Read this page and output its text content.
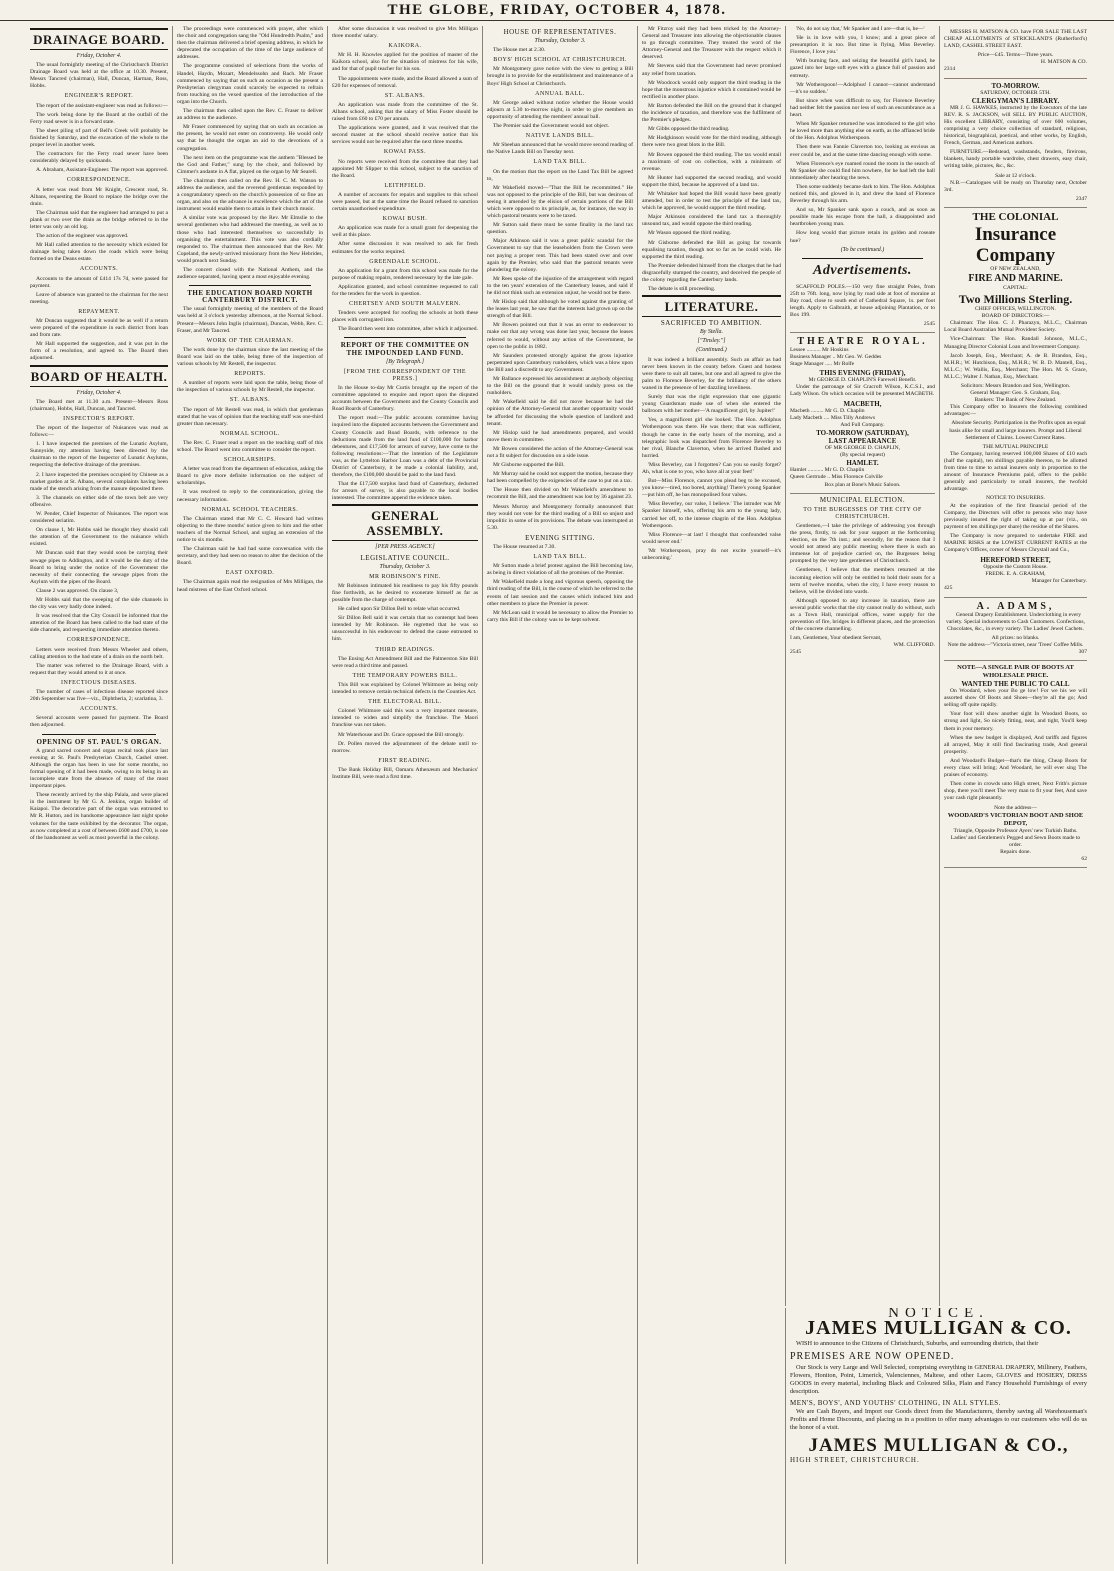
THE GLOBE, FRIDAY, OCTOBER 4, 1878.
DRAINAGE BOARD.
Friday, October 4.

The usual fortnightly meeting of the Christchurch District Drainage Board was held at the office at 10.30. Present, Messrs Tancred (chairman), Hall, Duncan, Harman, Ross, Hobbs.

ENGINEER'S REPORT.

The report of the assistant-engineer was read as follows:—

The work being done by the Board at the outfall of the Ferry road sewer is in a forward state.

The sheet piling of part of Bell's Creek will probably be finished by Saturday, and the excavation of the whole to the proper level in another week.

The contractors for the Ferry road sewer have been considerably delayed by quicksands.

A. Abraham, Assistant-Engineer. The report was approved.

CORRESPONDENCE.

A letter was read from Mr Knight, Crescent road, St. Albans, requesting the Board to replace the bridge over the drain.

The Chairman said that the engineer had arranged to put a plank or two over the drain as the bridge referred to in the letter was only an old log.

The action of the engineer was approved.

Mr Hall called attention to the necessity which existed for drainage being taken down the roads which were being formed on the Deans estate.

ACCOUNTS.

Accounts to the amount of £414 17s 7d, were passed for payment.

Leave of absence was granted to the chairman for the next meeting.

REPAYMENT.

Mr Duncan suggested that it would be as well if a return were prepared of the expenditure in each district from loan and from rate.

Mr Hall supported the suggestion, and it was put in the form of a resolution, and agreed to. The Board then adjourned.

BOARD OF HEALTH.
Friday, October 4.

The Board met at 11.30 a.m. Present—Messrs Ross (chairman), Hobbs, Hall, Duncan, and Tancred.

INSPECTOR'S REPORT.

The report of the Inspector of Nuisances was read as follows:—

1. I have inspected the premises of the Lunatic Asylum, Sunnyside, my attention having been directed by the chairman to the report of the Inspector of Lunatic Asylums, respecting the defective drainage of the premises.

2. I have inspected the premises occupied by Chinese as a market garden at St. Albans, several complaints having been made of the stench arising from the manure deposited there.

3. The channels on either side of the town belt are very offensive.

W. Pender, Chief Inspector of Nuisances. The report was considered seriatim.

On clause 1, Mr Hobbs said he thought they should call the attention of the Government to the nuisance which existed.

Mr Duncan said that they would soon be carrying their sewage pipes to Addington, and it would be the duty of the Board to bring under the notice of the Government the necessity of their connecting the sewage pipes from the Asylum with the pipes of the Board.

Clause 2 was approved. On clause 3,

Mr Hobbs said that the sweeping of the side channels in the city was very badly done indeed.

It was resolved that the City Council be informed that the attention of the Board has been called to the bad state of the side channels, and requesting immediate attention thereto.

CORRESPONDENCE.

Letters were received from Messrs Wheeler and others, calling attention to the bad state of a drain on the north belt.

The matter was referred to the Drainage Board, with a request that they would attend to it at once.

INFECTIOUS DISEASES.

The number of cases of infectious disease reported since 20th September was five—viz., Diphtheria, 2; scarlatina, 3.

ACCOUNTS.

Several accounts were passed for payment. The Board then adjourned.

OPENING OF ST. PAUL'S ORGAN.

A grand sacred concert and organ recital took place last evening at St. Paul's Presbyterian Church, Cashel street. Although the organ has been in use for some months, no formal opening of it had been made, owing to its being in an incomplete state from the absence of many of the most important pipes.

These recently arrived by the ship Palala, and were placed in the instrument by Mr G. A. Jenkins, organ builder of Kaiapoi. The decorative part of the organ was entrusted to Mr R. Hutton, and its handsome appearance last night spoke volumes for the taste exhibited by the decorator. The organ, as now completed at a cost of between £600 and £700, is one of the handsomest as well as most powerful in the colony.

The proceedings were commenced with prayer, after which the choir and congregation sang the "Old Hundredth Psalm," and then the chairman delivered a brief opening address, in which he deprecated the occupation of the time of the large audience of addresses.

The programme consisted of selections from the works of Handel, Haydn, Mozart, Mendelssohn and Bach. Mr Fraser commenced by saying that on such an occasion as the present a Presbyterian clergyman could scarcely be expected to refrain from touching on the vexed question of the introduction of the organ into the Church.

The chairman then called upon the Rev. C. Fraser to deliver an address to the audience.

Mr Fraser commenced by saying that on such an occasion as the present, he would not enter on controversy. He would only say that he thought the organ an aid to the devotions of a congregation.

The next item on the programme was the anthem "Blessed be the God and Father," sung by the choir, and followed by Cimmer's andante in A flat, played on the organ by Mr Searell.

The chairman then called on the Rev. H. C. M. Watson to address the audience, and the reverend gentleman responded by a congratulatory speech on the church's possession of so fine an organ, and also on the advance in excellence which the art of the instrument would enable them to attain in their church music.

A similar vote was proposed by the Rev. Mr Elmslie to the several gentlemen who had addressed the meeting, as well as to those who had interested themselves so successfully in organising the entertainment. This vote was also cordially responded to. The chairman then announced that the Rev. Mr Copeland, the newly-arrived missionary from the New Hebrides, would preach next Sunday.

The concert closed with the National Anthem, and the audience separated, having spent a most enjoyable evening.

THE EDUCATION BOARD NORTH CANTERBURY DISTRICT.

The usual fortnightly meeting of the members of the Board was held at 3 o'clock yesterday afternoon, at the Normal School. Present—Messrs John Inglis (chairman), Duncan, Webb, Rev. C. Fraser, and Mr Tancred.

WORK OF THE CHAIRMAN.

The work done by the chairman since the last meeting of the Board was laid on the table, being three of the inspection of various schools by Mr Restell, the inspector.

REPORTS.

A number of reports were laid upon the table, being those of the inspection of various schools by Mr Restell, the inspector.

ST. ALBANS.

The report of Mr Restell was read, in which that gentleman stated that he was of opinion that the teaching staff was one-third greater than necessary.

NORMAL SCHOOL.

The Rev. C. Fraser read a report on the teaching staff of this school. The Board went into committee to consider the report.

SCHOLARSHIPS.

A letter was read from the department of education, asking the Board to give more definite information on the subject of scholarships.

It was resolved to reply to the communication, giving the necessary information.

NORMAL SCHOOL TEACHERS.

The Chairman stated that Mr C. C. Howard had written objecting to the three months' notice given to him and the other teachers of the Normal School, and urging an extension of the notice to six months.

The Chairman said he had had some conversation with the secretary, and they had seen no reason to alter the decision of the Board.

EAST OXFORD.

The Chairman again read the resignation of Mrs Milligan, the head mistress of the East Oxford school.

After some discussion it was resolved to give Mrs Milligan three months' salary.

KAIKORA.

Mr H. H. Knowles applied for the position of master of the Kaikora school, also for the situation of mistress for his wife, and for that of pupil teacher for his son.

The appointments were made, and the Board allowed a sum of £20 for expenses of removal.

ST. ALBANS.

An application was made from the committee of the St. Albans school, asking that the salary of Miss Foster should be raised from £60 to £70 per annum.

The applications were granted, and it was resolved that the second master at the school should receive notice that his services would not be required after the next three months.

KOWAI PASS.

No reports were received from the committee that they had appointed Mr Slipper to this school, subject to the sanction of the Board.

LEITHFIELD.

A number of accounts for repairs and supplies to this school were passed, but at the same time the Board refused to sanction certain unauthorised expenditure.

KOWAI BUSH.

An application was made for a small grant for deepening the well at this place.

After some discussion it was resolved to ask for fresh estimates for the works required.

GREENDALE SCHOOL.

An application for a grant from this school was made for the purpose of making repairs, rendered necessary by the late gale.

Application granted, and school committee requested to call for the tenders for the work in question.

CHERTSEY AND SOUTH MALVERN.

Tenders were accepted for roofing the schools at both these places with corrugated iron.

The Board then went into committee, after which it adjourned.

REPORT OF THE COMMITTEE ON THE IMPOUNDED LAND FUND.
[By Telegraph.]
[FROM THE CORRESPONDENT OF THE PRESS.]

In the House to-day Mr Curtis brought up the report of the committee appointed to enquire and report upon the disputed accounts between the Government and the County Councils and Road Boards of Canterbury.

The report read:—The public accounts committee having inquired into the disputed accounts between the Government and County Councils and Road Boards, with reference to the deductions made from the land fund of £100,000 for harbor debentures, and £17,500 for arrears of survey, have come to the following resolutions:—That the intention of the Legislature was, as the Lyttelton Harbor Loan was a debt of the Provincial District of Canterbury, it be made a colonial liability, and, therefore, the £100,000 should be paid to the land fund.

That the £17,500 surplus land fund of Canterbury, deducted for arrears of survey, is also payable to the local bodies interested. The committee append the evidence taken.

GENERAL ASSEMBLY.
[PER PRESS AGENCY.]
LEGISLATIVE COUNCIL.
Thursday, October 3.
MR ROBINSON'S FINE.

Mr Robinson intimated his readiness to pay his fifty pounds fine forthwith, as he desired to exonerate himself as far as possible from the charge of contempt.

He called upon Sir Dillon Bell to relate what occurred.

Sir Dillon Bell said it was certain that no contempt had been intended by Mr Robinson. He regretted that he was so unsuccessful in his endeavour to defend the cause entrusted to him.

THIRD READINGS.

The Ensing Act Amendment Bill and the Palmerston Site Bill were read a third time and passed.

THE TEMPORARY POWERS BILL.

This Bill was explained by Colonel Whitmore as being only intended to remove certain technical defects in the Counties Act.

THE ELECTORAL BILL.

Colonel Whitmore said this was a very important measure, intended to widen and simplify the franchise. The Maori franchise was not taken.

Mr Waterhouse and Dr. Grace opposed the Bill strongly.

Dr. Pollen moved the adjournment of the debate until to-morrow.

FIRST READING.

The Bank Holiday Bill, Oamaru Athenæum and Mechanics' Institute Bill, were read a first time.

HOUSE OF REPRESENTATIVES.
Thursday, October 3.

The House met at 2.30.

BOYS' HIGH SCHOOL AT CHRISTCHURCH.

Mr Montgomery gave notice with the view to getting a Bill brought in to provide for the establishment and maintenance of a Boys' High School at Christchurch.

ANNUAL BALL.

Mr George asked without notice whether the House would adjourn at 5.30 to-morrow night, in order to give members an opportunity of attending the members' annual ball.

The Premier said the Government would not object.

NATIVE LANDS BILL.

Mr Sheehan announced that he would move second reading of the Native Lands Bill on Tuesday next.

LAND TAX BILL.

On the motion that the report on the Land Tax Bill be agreed to,

Mr Wakefield moved—"That the Bill be recommitted." He was not opposed to the principle of the Bill, but was desirous of seeing it amended by the elision of certain portions of the Bill which were opposed to its principle, as, for instance, the way in which pastoral tenants were to be taxed.

Mr Sutton said there must be some finality in the land tax question.

Major Atkinson said it was a great public scandal for the Government to say that the leaseholders from the Crown were not paying a proper rent. This had been stated over and over again by the Premier, who said that the pastoral tenants were plundering the colony.

Mr Rees spoke of the injustice of the arrangement with regard to the ten years' extension of the Canterbury leases, and said if he did not think such an extension unjust, he would not be there.

Mr Hislop said that although he voted against the granting of the leases last year, he saw that the interests had grown up on the strength of that Bill.

Mr Bowen pointed out that it was an error to endeavour to make out that any wrong was done last year, because the leases referred to would, without any action of the Government, be open to the public in 1882.

Mr Saunders protested strongly against the gross injustice perpetrated upon Canterbury runholders, which was a blow upon the Bill and a discredit to any Government.

Mr Ballance expressed his astonishment at anybody objecting to the Bill on the ground that it would unduly press on the runholders.

Mr Wakefield said he did not move because he had the opinion of the Attorney-General that another opportunity would be afforded for discussing the whole question of landlord and tenant.

Mr Hislop said he had amendments prepared, and would move them in committee.

Mr Bowen considered the action of the Attorney-General was not a fit subject for discussion on a side issue.

Mr Gisborne supported the Bill.

Mr Murray said he could not support the motion, because they had been compelled by the exigencies of the case to put on a tax.

The House then divided on Mr Wakefield's amendment to recommit the Bill, and the amendment was lost by 36 against 23.

Messrs Murray and Montgomery formally announced that they would not vote for the third reading of a Bill so unjust and impolitic in some of its provisions. The debate was interrupted at 5.30.

EVENING SITTING.

The House resumed at 7.30.

LAND TAX BILL.

Mr Sutton made a brief protest against the Bill becoming law, as being in direct violation of all the promises of the Premier.

Mr Wakefield made a long and vigorous speech, opposing the third reading of the Bill, in the course of which he referred to the events of last session and the causes which induced him and other members to place the Premier in power.

Mr McLean said it would be necessary to allow the Premier to carry this Bill if the colony was to be kept solvent.

Mr Fitzroy said they had been tricked by the Attorney-General and Treasurer into allowing the objectionable clauses to go through committee. They treated the word of the Attorney-General and the Treasurer with the respect which it deserved.

Mr Stevens said that the Government had never promised any relief from taxation.

Mr Woodcock would only support the third reading in the hope that the monstrous injustice which it contained would be rectified in another place.

Mr Barton defended the Bill on the ground that it changed the incidence of taxation, and therefore was the fulfilment of the Premier's pledges.

Mr Gibbs opposed the third reading.

Mr Hodgkinson would vote for the third reading, although there were two great blots in the Bill.

Mr Bowen opposed the third reading. The tax would entail a maximum of cost on collection, with a minimum of revenue.

Mr Hunter had supported the second reading, and would support the third, because he approved of a land tax.

Mr Whitaker had hoped the Bill would have been greatly amended, but in order to test the principle of the land tax, which he approved, he would support the third reading.

Major Atkinson considered the land tax a thoroughly unsound tax, and would oppose the third reading.

Mr Wason opposed the third reading.

Mr Gisborne defended the Bill as going far towards equalising taxation, though not so far as he could wish. He supported the third reading.

The Premier defended himself from the charges that he had disgracefully stumped the country, and deceived the people of the colony regarding the Canterbury lands.

The debate is still proceeding.

LITERATURE.
SACRIFICED TO AMBITION.
By Stella.
["Tinsley."]
(Continued.)

It was indeed a brilliant assembly. Such an affair as had never been known in the county before. Guest and hostess were there to suit all tastes, but one and all agreed to give the palm to Florence Beverley, for the brilliancy of the others waned in the presence of her dazzling loveliness.

Surely that was the right expression that one gigantic young Guardsman made use of when she entered the ballroom with her mother—'A magnificent girl, by Jupiter!'

Yes, a magnificent girl she looked. The Hon. Adolphus Wotherspoon was there. He was there; that was sufficient, though he came in the early hours of the morning, and a telegraphic look was dispatched from Florence Beverley to her rival, Blanche Claverton, when he arrived flushed and hurried.

'Miss Beverley, can I forgotten? Can you so easily forget? Ah, what is one to you, who have all at your feet!'

But—Miss Florence, cannot you plead beg to be excused, you know—tired, too bored, anything! There's young Spanker—put him off, he has monopolised four valses.

'Miss Beverley, our valse, I believe.' The intruder was Mr Spanker himself, who, offering his arm to the young lady, carried her off, to the intense chagrin of the Hon. Adolphus Wotherspoon.

'Miss Florence—at last! I thought that confounded valse would never end.'

'Mr Wotherspoon, pray do not excite yourself—it's unbecoming.'

'No, do not say that,' Mr Spanker and I are—that is, he—'

'He is in love with you, I know; and a great piece of presumption it is too. But time is flying, Miss Beverley. Florence, I love you.'

With burning face, and seizing the beautiful girl's hand, he gazed into her large soft eyes with a glance full of passion and entreaty.

'Mr Wotherspoon!—Adolphus! I cannot—cannot understand—it's so sudden.'

But since when was difficult to say, for Florence Beverley had neither felt the passion nor less of such an encumbrance as a heart.

When Mr Spanker returned he was introduced to the girl who he loved more than anything else on earth, as the affianced bride of the Hon. Adolphus Wotherspoon.

Then there was Fannie Claverton too, looking as envious as ever could be, and at the same time dancing enough with some.

When Florence's eye roamed round the room in the search of Mr Spanker she could find him nowhere, for he had left the ball immediately after hearing the news.

Then some suddenly became dark to him. The Hon. Adolphus noticed this, and glowed in it, and drew the hand of Florence Beverley through his arm.

And so, Mr Spanker sank upon a couch, and as soon as possible made his escape from the hall, a disappointed and heartbroken young man.

How long would that picture retain its golden and roseate hue?

(To be continued.)
Advertisements.

SCAFFOLD POLES.—150 very fine straight Poles, from 25ft to 76ft. long, now lying by road side at foot of moraine at Bay road, close to south end of Cathedral Square, 1s. per foot length. Apply to Galbraith, at house adjoining Plantation, or to Box 199.

2545
THEATRE ROYAL.
Lessee .......... Mr Hoskins
Business Manager .. Mr Geo. W. Geddes
Stage Manager ..... Mr Rolfe
THIS EVENING (FRIDAY),
Mr GEORGE D. CHAPLIN'S Farewell Benefit.

Under the patronage of Sir Cracroft Wilson, K.C.S.I., and Lady Wilson. On which occasion will be presented MACBETH.

MACBETH,
Macbeth ......... Mr G. D. Chaplin
Lady Macbeth .... Miss Tilly Andrews
And Full Company.
TO-MORROW (SATURDAY),
LAST APPEARANCE
OF MR GEORGE D. CHAPLIN,
(By special request)
HAMLET.
Hamlet ........... Mr G. D. Chaplin
Queen Gertrude .. Miss Florence Colville
Box plan at Bone's Music Saloon.
MUNICIPAL ELECTION.
TO THE BURGESSES OF THE CITY OF CHRISTCHURCH.

Gentlemen,—I take the privilege of addressing you through the press, firstly, to ask for your support at the forthcoming election, on the 7th inst.; and secondly, for the reason that I would not attend any public meeting where there is such an immense lot of prejudice carried on, the Burgesses being prompted by the very late gentlemen of Christchurch.

Gentlemen, I believe that the members returned at the incoming election will only be entitled to hold their seats for a term of twelve months, when the city, I have every reason to believe, will be divided into wards.

Although opposed to any increase in taxation, there are several public works that the city cannot really do without, such as a Town Hall, municipal offices, water supply for the prevention of fire, bridges in different places, and the protection of the concrete channelling.

I am, Gentlemen, Your obedient Servant,
WM. CLIFFORD.
2545

MESSRS H. MATSON & CO. have FOR SALE THE LAST CHEAP ALLOTMENTS of STRICKLAND'S (Rutherford's) LAND, CASHEL STREET EAST.

Price—£45. Terms—Three years.
H. MATSON & CO.
2314
TO-MORROW.
SATURDAY, OCTOBER 5TH.
CLERGYMAN'S LIBRARY.

MR J. G. HAWKES, instructed by the Executors of the late REV. R. S. JACKSON, will SELL BY PUBLIC AUCTION, His excellent LIBRARY, consisting of over 600 volumes, comprising a very choice collection of standard, religious, historical, biographical, poetical, and other works, by English, French, German, and American authors.

FURNITURE.—Bedstead, washstands, fenders, fireirons, blankets, handy portable wardrobe, chest drawers, easy chair, writing table, pictures, &c., &c.

Sale at 12 o'clock.

N.B.—Catalogues will be ready on Thursday next, October 3rd.

2347
THE COLONIAL
Insurance Company
OF NEW ZEALAND,
FIRE AND MARINE.
CAPITAL:
Two Millions Sterling.
CHIEF OFFICES, WELLINGTON.
BOARD OF DIRECTORS:—

Chairman: The Hon. C. J. Pharazyn, M.L.C., Chairman Local Board Australian Mutual Provident Society.

Vice-Chairman: The Hon. Randall Johnson, M.L.C., Managing Director Colonial Loan and Investment Company.

Jacob Joseph, Esq., Merchant; A. de B. Brandon, Esq., M.H.R.; W. Hutchison, Esq., M.H.R.; W. B. D. Mantell, Esq., M.L.C.; W. Wallis, Esq., Merchant; The Hon. M. S. Grace, M.L.C.; Walter J. Nathan, Esq., Merchant.

Solicitors: Messrs Brandon and Son, Wellington.
General Manager: Geo. S. Graham, Esq.
Bankers: The Bank of New Zealand.

This Company offer to Insurers the following combined advantages:—

Absolute Security. Participation in the Profits upon an equal basis alike for small and large insurers. Prompt and Liberal Settlement of Claims. Lowest Current Rates.

THE MUTUAL PRINCIPLE

The Company, having reserved 100,000 Shares of £10 each (half the capital), ten shillings payable thereon, to be allotted from time to time to actual insurers only in proportion to the amount of Insurance Premiums paid, offers to the public generally and particularly to small insurers, the twofold advantage.

NOTICE TO INSURERS.

At the expiration of the first financial period of the Company, the Directors will offer to persons who may have previously insured the right of taking up at par (viz., on payment of ten shillings per share) the residue of the Shares.

The Company is now prepared to undertake FIRE and MARINE RISKS at the LOWEST CURRENT RATES at the Company's Offices, corner of Messrs Chrystall and Co.,

HEREFORD STREET,
Opposite the Custom House.
FREDK. E. A. GRAHAM,
Manager for Canterbury.
425
A. ADAMS,

General Drapery Establishment. Underclothing in every variety. Special inducements to Cash Customers. Confections, Chocolates, &c., in every variety. The Ladies' Jewel Cachets.

All prizes: no blanks.
Note the address—"Victoria street, near 'Trees' Coffee Mills.
307
NOTE—A SINGLE PAIR OF BOOTS AT WHOLESALE PRICE.
WANTED THE PUBLIC TO CALL

On Woodard, when your Bo ge low! For we his we will assorted show Of Boots and Shoes—they're all the go; And selling off quite rapidly.

Your foot will show another sight In Woodard Boots, so strong and light, So nicely fitting, neat, and tight, You'll keep them in your memory.

When the new budget is displayed, And tariffs and figures all arrayed, May it still find fascinating trade, And general prosperity.

And Woodard's Budget—that's the thing, Cheap Boots for every class will bring; And Woodard, he will ever sing The praises of economy.

Then come in crowds unto High street, Next Frith's picture shop, there you'll meet The very man to fit your feet, And save your cash right pleasantly.

Note the address—
WOODARD'S VICTORIAN BOOT AND SHOE DEPOT,
Triangle, Opposite Professor Ayers' new Turkish Baths.
Ladies' and Gentlemen's Pegged and Sewn Boots made to order.
Repairs done.
62
NOTICE.
JAMES MULLIGAN & CO.

WISH to announce to the Citizens of Christchurch, Suburbs, and surrounding districts, that their

PREMISES ARE NOW OPENED.

Our Stock is very Large and Well Selected, comprising everything in GENERAL DRAPERY, Millinery, Feathers, Flowers, Honiton, Point, Limerick, Valenciennes, Maltese, and other Laces, GLOVES and HOSIERY, DRESS GOODS in every material, including Black and Coloured Silks, Plain and Fancy Household Furnishings of every description.

MEN'S, BOYS', AND YOUTHS' CLOTHING, IN ALL STYLES.

We are Cash Buyers, and Import our Goods direct from the Manufacturers, thereby saving all Warehouseman's Profits and Home Discounts, and placing us in a position to offer many advantages to our customers who will do us the honor of a visit.

JAMES MULLIGAN & CO.,
HIGH STREET, CHRISTCHURCH.
